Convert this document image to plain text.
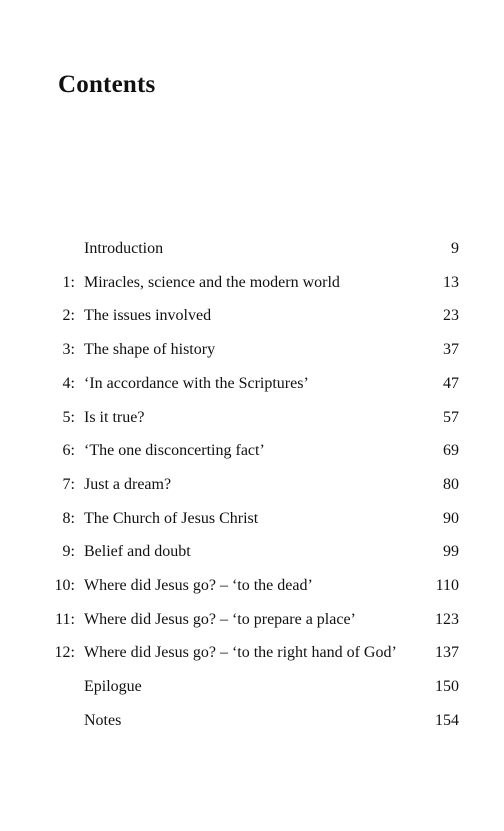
Contents
Introduction	9
1: Miracles, science and the modern world	13
2: The issues involved	23
3: The shape of history	37
4: ‘In accordance with the Scriptures’	47
5: Is it true?	57
6: ‘The one disconcerting fact’	69
7: Just a dream?	80
8: The Church of Jesus Christ	90
9: Belief and doubt	99
10: Where did Jesus go? – ‘to the dead’	110
11: Where did Jesus go? – ‘to prepare a place’	123
12: Where did Jesus go? – ‘to the right hand of God’ 137
Epilogue	150
Notes	154
